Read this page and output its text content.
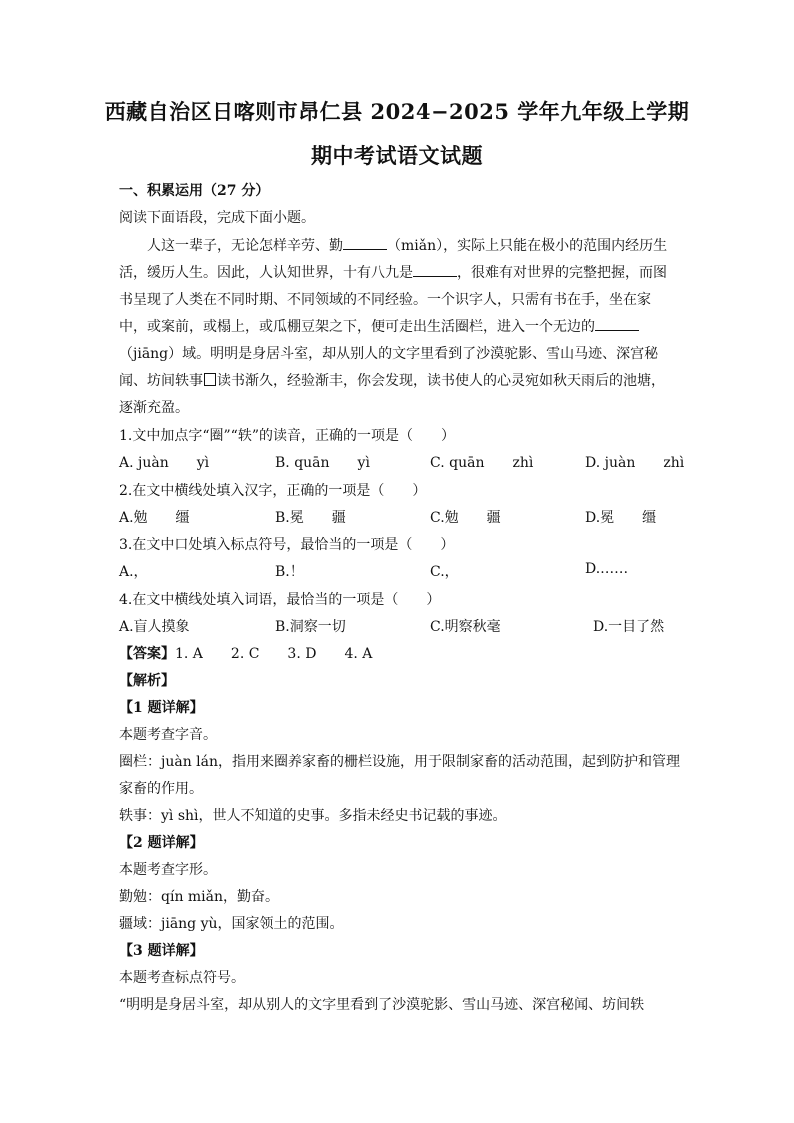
西藏自治区日喀则市昂仁县 2024−2025 学年九年级上学期
期中考试语文试题
一、积累运用（27 分）
阅读下面语段，完成下面小题。
人这一辈子，无论怎样辛劳、勤	（miǎn），实际上只能在极小的范围内经历生
活，缓历人生。因此，人认知世界，十有八九是	，很难有对世界的完整把握，而图
书呈现了人类在不同时期、不同领域的不同经验。一个识字人，只需有书在手，坐在家
中，或案前，或榻上，或瓜棚豆架之下，便可走出生活圈栏，进入一个无边的
（jiāng）域。明明是身居斗室，却从别人的文字里看到了沙漠驼影、雪山马迹、深宫秘
闻、坊间轶事 读书渐久，经验渐丰，你会发现，读书使人的心灵宛如秋天雨后的池塘，
逐渐充盈。
1.文中加点字“圈”“轶”的读音，正确的一项是（　　）
A. juàn　　yì	B. quān　　yì	C. quān　　zhì	D. juàn　　zhì
2.在文中横线处填入汉字，正确的一项是（　　）
A.勉　　缰	B.冕　　疆	C.勉　　疆	D.冕　　缰
3.在文中口处填入标点符号，最恰当的一项是（　　）
A.，	B.！	C.，	D.……
4.在文中横线处填入词语，最恰当的一项是（　　）
A.盲人摸象	B.洞察一切	C.明察秋毫	D.一目了然
【答案】1. A　　2. C　　3. D　　4. A
【解析】
【1 题详解】
本题考查字音。
圈栏：juàn lán，指用来圈养家畜的栅栏设施，用于限制家畜的活动范围，起到防护和管理
家畜的作用。
轶事：yì shì，世人不知道的史事。多指未经史书记载的事迹。
【2 题详解】
本题考查字形。
勤勉：qín miǎn，勤奋。
疆域：jiāng yù，国家领土的范围。
【3 题详解】
本题考查标点符号。
“明明是身居斗室，却从别人的文字里看到了沙漠驼影、雪山马迹、深宫秘闻、坊间轶
